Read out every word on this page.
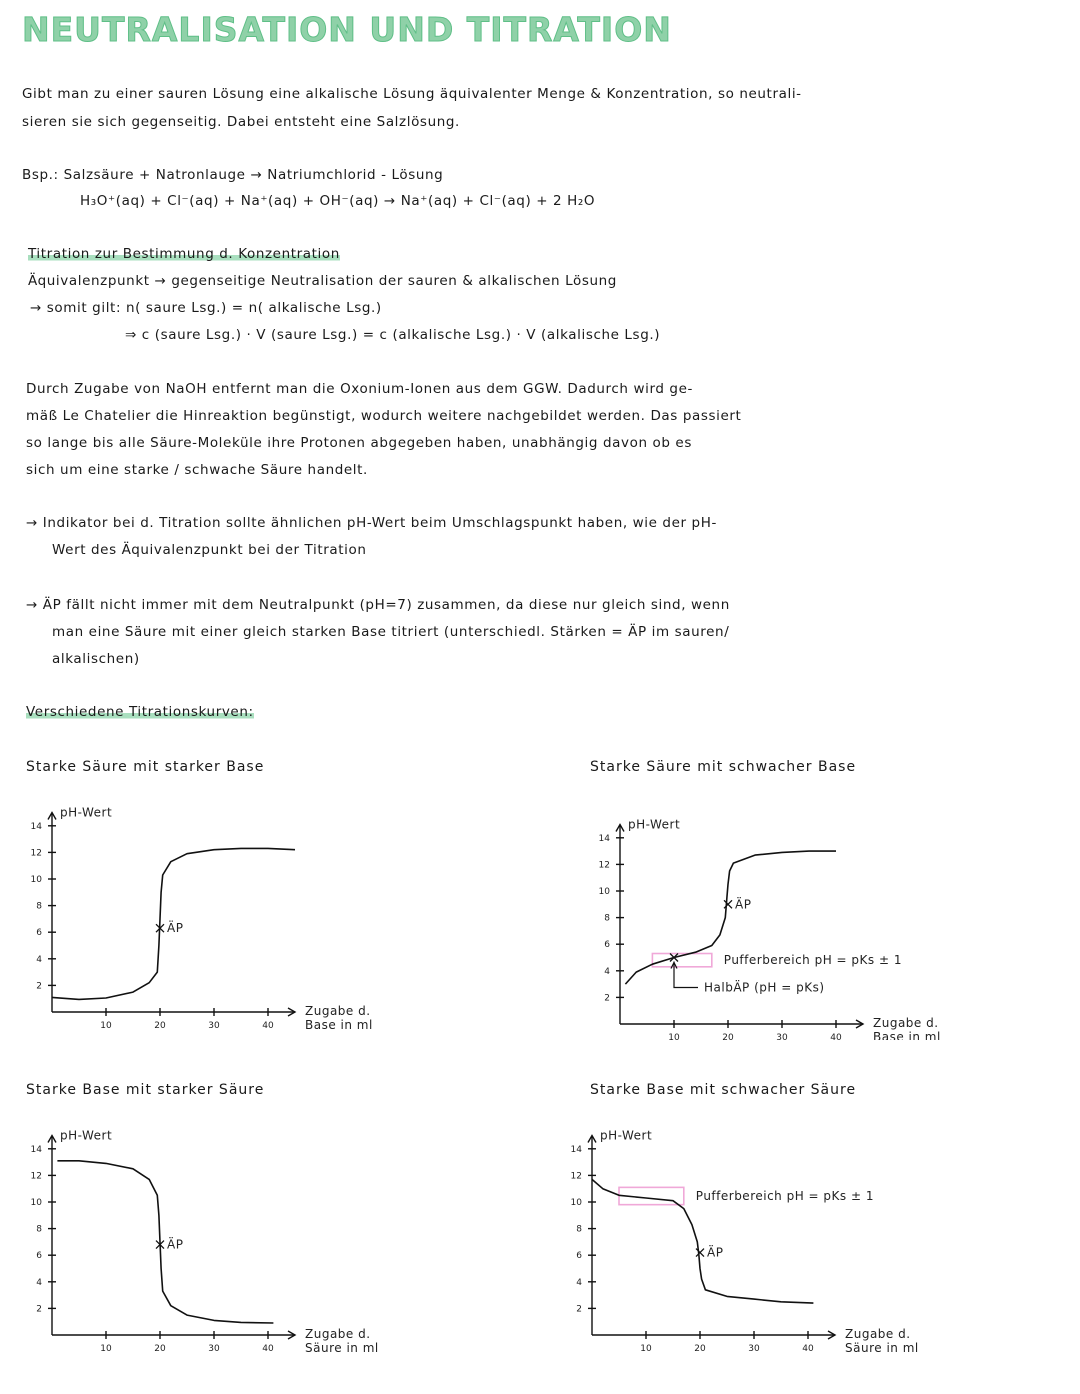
NEUTRALISATION UND TITRATION
Gibt man zu einer sauren Lösung eine alkalische Lösung äquivalenter Menge & Konzentration, so neutrali-
sieren sie sich gegenseitig. Dabei entsteht eine Salzlösung.
Bsp.: Salzsäure + Natronlauge → Natriumchlorid - Lösung
H₃O⁺(aq) + Cl⁻(aq) + Na⁺(aq) + OH⁻(aq) → Na⁺(aq) + Cl⁻(aq) + 2 H₂O
Titration zur Bestimmung d. Konzentration
Äquivalenzpunkt → gegenseitige Neutralisation der sauren & alkalischen Lösung
→ somit gilt: n( saure Lsg.) = n( alkalische Lsg.)
⇒ c (saure Lsg.) · V (saure Lsg.) = c (alkalische Lsg.) · V (alkalische Lsg.)
Durch Zugabe von NaOH entfernt man die Oxonium-Ionen aus dem GGW. Dadurch wird ge-
mäß Le Chatelier die Hinreaktion begünstigt, wodurch weitere nachgebildet werden. Das passiert
so lange bis alle Säure-Moleküle ihre Protonen abgegeben haben, unabhängig davon ob es
sich um eine starke / schwache Säure handelt.
→ Indikator bei d. Titration sollte ähnlichen pH-Wert beim Umschlagspunkt haben, wie der pH-
Wert des Äquivalenzpunkt bei der Titration
→ ÄP fällt nicht immer mit dem Neutralpunkt (pH=7) zusammen, da diese nur gleich sind, wenn
man eine Säure mit einer gleich starken Base titriert (unterschiedl. Stärken = ÄP im sauren/
alkalischen)
Verschiedene Titrationskurven:
Starke Säure mit starker Base	Starke Säure mit schwacher Base
Starke Base mit starker Säure	Starke Base mit schwacher Säure
10	20	30	40
2
4
6
8
10
12
14
pH-Wert
Zugabe d.
Base in ml
ÄP
10	20	30	40
2
4
6
8
10
12
14
pH-Wert
Zugabe d.
Base in ml
Pufferbereich pH = pKs ± 1
ÄP
HalbÄP (pH = pKs)
10	20	30	40
2
4
6
8
10
12
14
pH-Wert
Zugabe d.
Säure in ml
ÄP
10	20	30	40
2
4
6
8
10
12
14
pH-Wert
Zugabe d.
Säure in ml
Pufferbereich pH = pKs ± 1
ÄP
